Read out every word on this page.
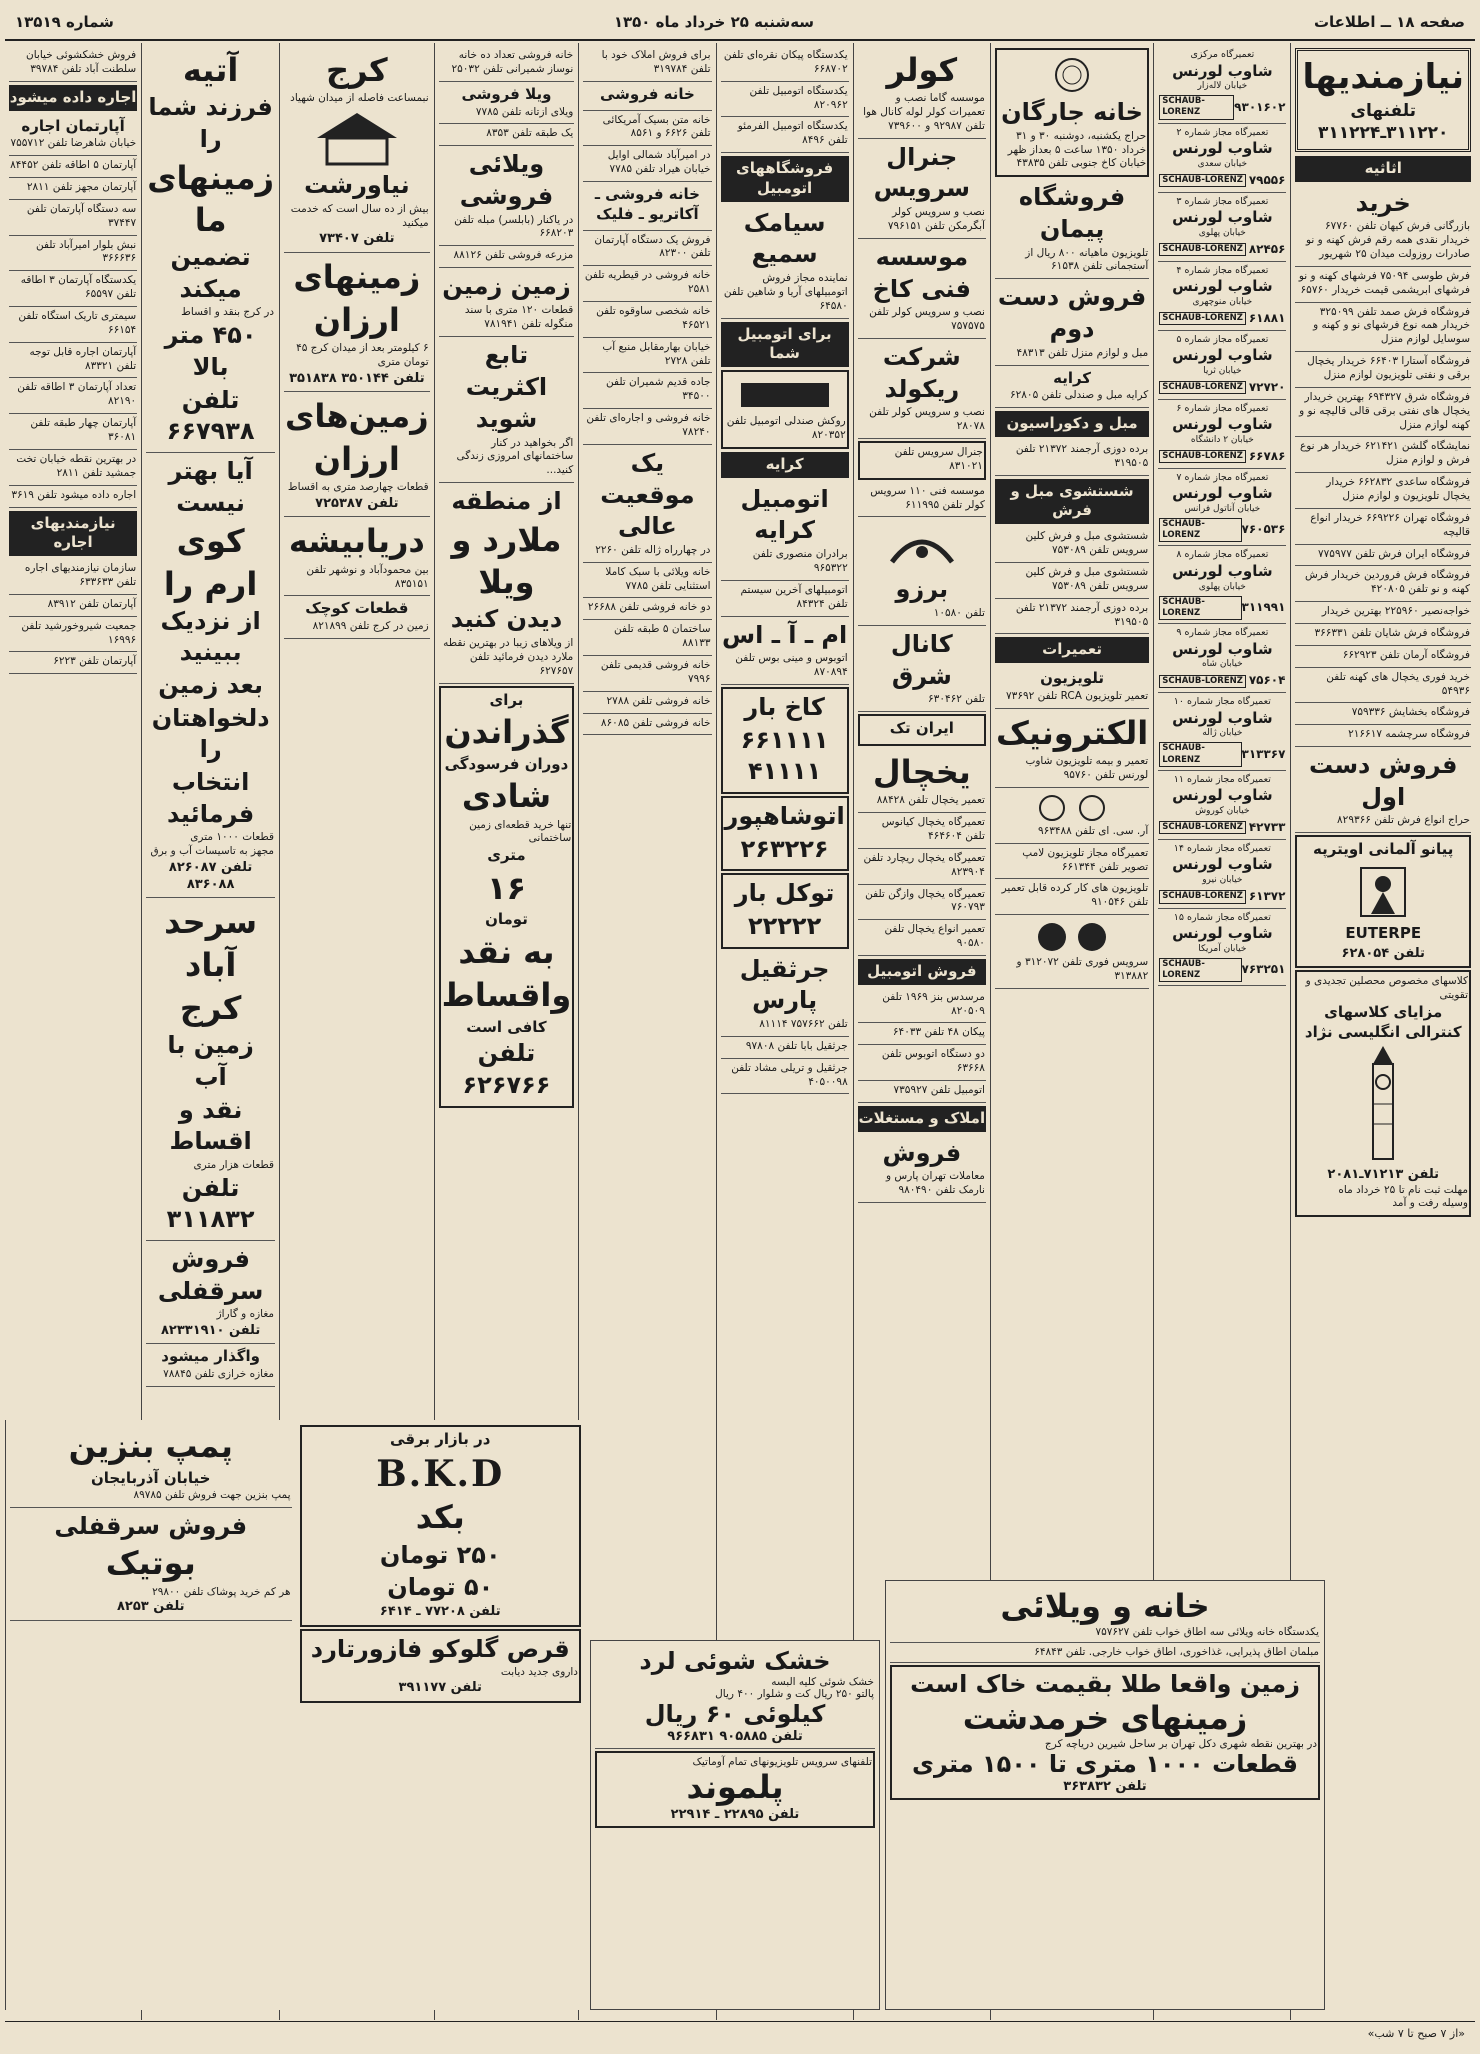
صفحه ۱۸ ــ اطلاعات
سه‌شنبه ۲۵ خرداد ماه ۱۳۵۰
شماره ۱۳۵۱۹
نیازمندیها
تلفنهای ۳۱۱۲۲۰ـ۳۱۱۲۲۴
اثاثیه
خرید
بازرگانی فرش کیهان تلفن ۶۷۷۶۰ خریدار نقدی همه رقم فرش کهنه و نو صادرات روزولت میدان ۲۵ شهریور
فرش طوسی ۷۵۰۹۴ فرشهای کهنه و نو فرشهای ابریشمی قیمت خریدار ۶۵۷۶۰
فروشگاه فرش صمد تلفن ۳۲۵۰۹۹ خریدار همه نوع فرشهای نو و کهنه و سوسایل لوازم منزل
فروشگاه آستارا ۶۶۴۰۳ خریدار یخچال برقی و نفتی تلویزیون لوازم منزل
فروشگاه شرق ۶۹۴۳۲۷ بهترین خریدار یخچال های نفتی برقی قالی قالیچه نو و کهنه لوازم منزل
نمایشگاه گلشن ۶۲۱۴۲۱ خریدار هر نوع فرش و لوازم منزل
فروشگاه ساعدی ۶۶۲۸۳۲ خریدار یخچال تلویزیون و لوازم منزل
فروشگاه تهران ۶۶۹۲۲۶ خریدار انواع قالیچه
فروشگاه ایران فرش تلفن ۷۷۵۹۷۷
فروشگاه فرش فروردین خریدار فرش کهنه و نو تلفن ۴۲۰۸۰۵
خواجه‌نصیر ۲۲۵۹۶۰ بهترین خریدار
فروشگاه فرش شایان تلفن ۳۶۶۳۳۱
فروشگاه آرمان تلفن ۶۶۲۹۲۳
خرید فوری یخچال های کهنه تلفن ۵۴۹۳۶
فروشگاه بخشایش ۷۵۹۳۳۶
فروشگاه سرچشمه ۲۱۶۶۱۷
فروش دست اول
حراج انواع فرش تلفن ۸۲۹۳۶۶
پیانو آلمانی اویترپه
EUTERPE
تلفن ۶۲۸۰۵۴
کلاسهای مخصوص محصلین تجدیدی و تقویتی
مزایای کلاسهای کنترالی انگلیسی نژاد
تلفن ۷۱۲۱۳ـ۲۰۸۱
مهلت ثبت نام تا ۲۵ خرداد ماه
وسیله رفت و آمد
تعمیرگاه مرکزی
شاوب لورنس
خیابان لاله‌زار
۹۳۰۱۶۰۲
SCHAUB-LORENZ
تعمیرگاه مجاز شماره ۲
شاوب لورنس
خیابان سعدی
۷۹۵۵۶
SCHAUB-LORENZ
تعمیرگاه مجاز شماره ۳
شاوب لورنس
خیابان پهلوی
۸۲۴۵۶
SCHAUB-LORENZ
تعمیرگاه مجاز شماره ۴
شاوب لورنس
خیابان منوچهری
۶۱۸۸۱
SCHAUB-LORENZ
تعمیرگاه مجاز شماره ۵
شاوب لورنس
خیابان ثریا
۷۲۷۲۰
SCHAUB-LORENZ
تعمیرگاه مجاز شماره ۶
شاوب لورنس
خیابان ۲ دانشگاه
۶۶۷۸۶
SCHAUB-LORENZ
تعمیرگاه مجاز شماره ۷
شاوب لورنس
خیابان آناتول فرانس
۷۶۰۵۳۶
SCHAUB-LORENZ
تعمیرگاه مجاز شماره ۸
شاوب لورنس
خیابان پهلوی
۳۱۱۹۹۱
SCHAUB-LORENZ
تعمیرگاه مجاز شماره ۹
شاوب لورنس
خیابان شاه
۷۵۶۰۴
SCHAUB-LORENZ
تعمیرگاه مجاز شماره ۱۰
شاوب لورنس
خیابان ژاله
۳۱۳۳۶۷
SCHAUB-LORENZ
تعمیرگاه مجاز شماره ۱۱
شاوب لورنس
خیابان کوروش
۴۲۷۳۳
SCHAUB-LORENZ
تعمیرگاه مجاز شماره ۱۴
شاوب لورنس
خیابان نیرو
۶۱۳۷۲
SCHAUB-LORENZ
تعمیرگاه مجاز شماره ۱۵
شاوب لورنس
خیابان آمریکا
۷۶۳۲۵۱
SCHAUB-LORENZ
خانه جارگان
حراج یکشنبه، دوشنبه ۳۰ و ۳۱ خرداد ۱۳۵۰ ساعت ۵ بعداز ظهر خیابان کاخ جنوبی تلفن ۴۳۸۳۵
فروشگاه پیمان
تلویزیون ماهیانه ۸۰۰ ریال از آستجمانی تلفن ۶۱۵۳۸
فروش دست دوم
مبل و لوازم منزل تلفن ۴۸۳۱۳
کرایه
کرایه مبل و صندلی تلفن ۶۲۸۰۵
مبل و دکوراسیون
برده دوزی آرجمند ۲۱۳۷۲ تلفن ۳۱۹۵۰۵
شستشوی مبل و فرش
شستشوی مبل و فرش کلین سرویس تلفن ۷۵۳۰۸۹
شستشوی مبل و فرش کلین سرویس تلفن ۷۵۳۰۸۹
برده دوزی آرجمند ۲۱۳۷۲ تلفن ۳۱۹۵۰۵
تعمیرات
تلویزیون
تعمیر تلویزیون RCA تلفن ۷۳۶۹۲
الکترونیک
تعمیر و بیمه تلویزیون شاوب لورنس تلفن ۹۵۷۶۰
آر. سی. ای تلفن ۹۶۳۴۸۸
تعمیرگاه مجاز تلویزیون لامپ تصویر تلفن ۶۶۱۳۴۴
تلویزیون های کار کرده قابل تعمیر تلفن ۹۱۰۵۴۶
سرویس فوری تلفن ۳۱۲۰۷۲ و ۳۱۳۸۸۲
کولر
موسسه گاما نصب و تعمیرات کولر لوله کانال هوا تلفن ۹۲۹۸۷ و ۷۳۹۶۰۰
جنرال سرویس
نصب و سرویس کولر آبگرمکن تلفن ۷۹۶۱۵۱
موسسه فنی کاخ
نصب و سرویس کولر تلفن ۷۵۷۵۷۵
شرکت ریکولد
نصب و سرویس کولر تلفن ۲۸۰۷۸
جنرال سرویس تلفن ۸۳۱۰۲۱
موسسه فنی ۱۱۰ سرویس کولر تلفن ۶۱۱۹۹۵
برزو
تلفن ۱۰۵۸۰
کانال شرق
تلفن ۶۳۰۴۶۲
ایران تک
یخچال
تعمیر یخچال تلفن ۸۸۴۲۸
تعمیرگاه یخچال کیانوس تلفن ۴۶۴۶۰۴
تعمیرگاه یخچال ریچارد تلفن ۸۲۳۹۰۴
تعمیرگاه یخچال وازگن تلفن ۷۶۰۷۹۳
تعمیر انواع یخچال تلفن ۹۰۵۸۰
فروش اتومبیل
مرسدس بنز ۱۹۶۹ تلفن ۸۲۰۵۰۹
پیکان ۴۸ تلفن ۶۴۰۳۳
دو دستگاه اتوبوس تلفن ۶۳۶۶۸
اتومبیل تلفن ۷۳۵۹۲۷
املاک و مستغلات
فروش
معاملات تهران پارس و نارمک تلفن ۹۸۰۴۹۰
یکدستگاه پیکان نقره‌ای تلفن ۶۶۸۷۰۲
یکدستگاه اتومبیل تلفن ۸۲۰۹۶۲
یکدستگاه اتومبیل الفرمئو تلفن ۸۴۹۶
فروشگاههای اتومبیل
سیامک سمیع
نماینده مجاز فروش اتومبیلهای آریا و شاهین تلفن ۶۴۵۸۰
برای اتومبیل شما
روکش صندلی اتومبیل تلفن ۸۲۰۳۵۲
کرایه
اتومبیل کرایه
برادران منصوری تلفن ۹۶۵۳۲۲
اتومبیلهای آخرین سیستم تلفن ۸۴۳۲۴
ام ـ آ ـ اس
اتوبوس و مینی بوس تلفن ۸۷۰۸۹۴
کاخ بار
۶۶۱۱۱۱
۴۱۱۱۱
اتوشاهپور
۲۶۳۲۲۶
توکل بار
۲۲۲۲۲
جرثقیل پارس
تلفن ۷۵۷۶۶۲ ۸۱۱۱۴
جرثقیل بابا تلفن ۹۷۸۰۸
جرثقیل و تریلی مشاد تلفن ۴۰۵۰۰۹۸
برای فروش املاک خود با تلفن ۳۱۹۷۸۴
خانه فروشی
خانه متن بسیک آمریکائی تلفن ۶۶۲۶ و ۸۵۶۱
در امیرآباد شمالی اوایل خیابان هیراد تلفن ۷۷۸۵
خانه فروشی ـ آکاتریو ـ فلیک
فروش یک دستگاه آپارتمان تلفن ۸۲۳۰۰
خانه فروشی در قیطریه تلفن ۲۵۸۱
خانه شخصی ساوقوه تلفن ۴۶۵۲۱
خیابان بهارمقابل منبع آب تلفن ۲۷۲۸
جاده قدیم شمیران تلفن ۳۴۵۰۰
خانه فروشی و اجاره‌ای تلفن ۷۸۲۴۰
یک موقعیت عالی
در چهارراه ژاله تلفن ۲۲۶۰
خانه ویلائی با سبک کاملا استثنایی تلفن ۷۷۸۵
دو خانه فروشی تلفن ۲۶۶۸۸
ساختمان ۵ طبقه تلفن ۸۸۱۳۳
خانه فروشی قدیمی تلفن ۷۹۹۶
خانه فروشی تلفن ۲۷۸۸
خانه فروشی تلفن ۸۶۰۸۵
خانه فروشی تعداد ده خانه نوساز شمیرانی تلفن ۲۵۰۳۲
ویلا فروشی
ویلای ازتانه تلفن ۷۷۸۵
یک طبقه تلفن ۸۳۵۳
ویلائی فروشی
در یاکنار (بابلسر) مبله تلفن ۶۶۸۲۰۳
مزرعه فروشی تلفن ۸۸۱۲۶
زمین زمین
قطعات ۱۲۰ متری با سند منگوله تلفن ۷۸۱۹۴۱
تابع
اکثریت شوید
اگر بخواهید در کنار ساختمانهای امروزی زندگی کنید...
از منطقه
ملارد و ویلا
دیدن کنید
از ویلاهای زیبا در بهترین نقطه ملارد دیدن فرمائید تلفن ۶۲۷۶۵۷
برای
گذراندن
دوران فرسودگی
شادی
تنها خرید قطعه‌ای زمین ساختمانی
متری
۱۶
تومان
به نقد
واقساط
کافی است
تلفن ۶۲۶۷۶۶
کرج
نبمساعت فاصله از میدان شهیاد
نیاورشت
بیش از ده سال است که خدمت میکنید
تلفن ۷۳۴۰۷
زمینهای
ارزان
۶ کیلومتر بعد از میدان کرج ۴۵ تومان متری
تلفن ۳۵۰۱۴۴ ۳۵۱۸۳۸
زمین‌های
ارزان
قطعات چهارصد متری به اقساط
تلفن ۷۲۵۳۸۷
دریابیشه
بین محمودآباد و نوشهر تلفن ۸۳۵۱۵۱
قطعات کوچک
زمین در کرج تلفن ۸۲۱۸۹۹
آتیه
فرزند شما را
زمینهای ما
تضمین میکند
در کرج بنقد و اقساط
۴۵۰ متر بالا
تلفن ۶۶۷۹۳۸
آیا بهتر نیست
کوی ارم را
از نزدیک ببینید
بعد زمین
دلخواهتان را
انتخاب فرمائید
قطعات ۱۰۰۰ متری
مجهز به تاسیسات آب و برق
تلفن ۸۲۶۰۸۷ ۸۳۶۰۸۸
سرحد آباد
کرج
زمین با آب
نقد و اقساط
قطعات هزار متری
تلفن ۳۱۱۸۳۲
فروش سرقفلی
مغازه و گاراژ
تلفن ۸۲۳۳۱۹۱۰
واگذار میشود
مغازه خرازی تلفن ۷۸۸۴۵
فروش خشکشوئی خیابان سلطنت آباد تلفن ۳۹۷۸۴
اجاره داده میشود
آپارتمان اجاره
خیابان شاهرضا تلفن ۷۵۵۷۱۲
آپارتمان ۵ اطاقه تلفن ۸۴۴۵۲
آپارتمان مجهز تلفن ۲۸۱۱
سه دستگاه آپارتمان تلفن ۳۷۴۴۷
نبش بلوار امیرآباد تلفن ۳۶۶۶۳۶
یکدستگاه آپارتمان ۳ اطاقه تلفن ۶۵۵۹۷
سیمتری تاریک استگاه تلفن ۶۶۱۵۴
آپارتمان اجاره قابل توجه تلفن ۸۳۳۲۱
تعداد آپارتمان ۳ اطاقه تلفن ۸۲۱۹۰
آپارتمان چهار طبقه تلفن ۳۶۰۸۱
در بهترین نقطه خیابان تخت جمشید تلفن ۲۸۱۱
اجاره داده میشود تلفن ۳۶۱۹
نیازمندیهای اجاره
سازمان نیازمندیهای اجاره تلفن ۶۳۳۶۳۳
آپارتمان تلفن ۸۳۹۱۲
جمعیت شیروخورشید تلفن ۱۶۹۹۶
آپارتمان تلفن ۶۲۲۳
«از ۷ صبح تا ۷ شب»
پمپ بنزین
خیابان آذربایجان
پمپ بنزین جهت فروش تلفن ۸۹۷۸۵
فروش سرقفلی
بوتیک
هر کم خرید پوشاک تلفن ۲۹۸۰۰
تلفن ۸۲۵۳
در بازار برقی
B.K.D
بکد
۲۵۰ تومان
۵۰ تومان
تلفن ۷۷۲۰۸ ـ ۶۴۱۴
قرص گلوکو فازورتارد
داروی جدید دیابت
تلفن ۳۹۱۱۷۷
خشک شوئی لرد
خشک شوئی کلیه البسه
پالتو ۲۵۰ ریال کت و شلوار ۴۰۰ ریال
کیلوئی ۶۰ ریال
تلفن ۹۰۵۸۸۵ ۹۶۶۸۳۱
تلفنهای سرویس تلویزیونهای تمام آوماتیک
پلموند
تلفن ۲۲۸۹۵ ـ ۲۲۹۱۴
خانه و ویلائی
یکدستگاه خانه ویلائی سه اطاق خواب تلفن ۷۵۷۶۲۷
مبلمان اطاق پذیرایی، غذاخوری، اطاق خواب خارجی. تلفن ۶۴۸۴۳
زمین واقعا طلا بقیمت خاک است
زمینهای خرمدشت
در بهترین نقطه شهری دکل تهران بر ساحل شیرین دریاچه کرج
قطعات ۱۰۰۰ متری تا ۱۵۰۰ متری
تلفن ۳۶۳۸۳۲
